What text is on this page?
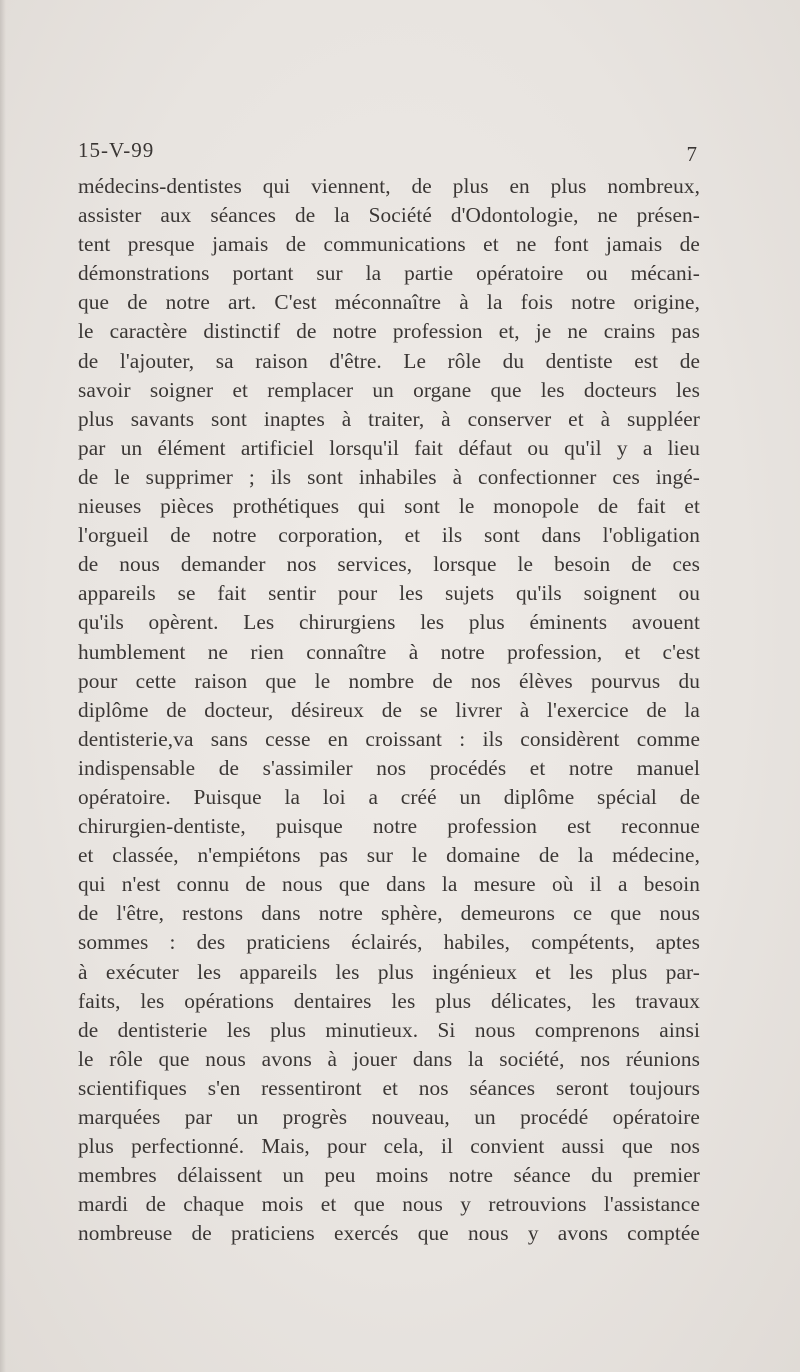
15-V-99	7
médecins-dentistes qui viennent, de plus en plus nombreux,
assister aux séances de la Société d'Odontologie, ne présen-
tent presque jamais de communications et ne font jamais de
démonstrations portant sur la partie opératoire ou mécani-
que de notre art. C'est méconnaître à la fois notre origine,
le caractère distinctif de notre profession et, je ne crains pas
de l'ajouter, sa raison d'être. Le rôle du dentiste est de
savoir soigner et remplacer un organe que les docteurs les
plus savants sont inaptes à traiter, à conserver et à suppléer
par un élément artificiel lorsqu'il fait défaut ou qu'il y a lieu
de le supprimer ; ils sont inhabiles à confectionner ces ingé-
nieuses pièces prothétiques qui sont le monopole de fait et
l'orgueil de notre corporation, et ils sont dans l'obligation
de nous demander nos services, lorsque le besoin de ces
appareils se fait sentir pour les sujets qu'ils soignent ou
qu'ils opèrent. Les chirurgiens les plus éminents avouent
humblement ne rien connaître à notre profession, et c'est
pour cette raison que le nombre de nos élèves pourvus du
diplôme de docteur, désireux de se livrer à l'exercice de la
dentisterie,va sans cesse en croissant : ils considèrent comme
indispensable de s'assimiler nos procédés et notre manuel
opératoire. Puisque la loi a créé un diplôme spécial de
chirurgien-dentiste, puisque notre profession est reconnue
et classée, n'empiétons pas sur le domaine de la médecine,
qui n'est connu de nous que dans la mesure où il a besoin
de l'être, restons dans notre sphère, demeurons ce que nous
sommes : des praticiens éclairés, habiles, compétents, aptes
à exécuter les appareils les plus ingénieux et les plus par-
faits, les opérations dentaires les plus délicates, les travaux
de dentisterie les plus minutieux. Si nous comprenons ainsi
le rôle que nous avons à jouer dans la société, nos réunions
scientifiques s'en ressentiront et nos séances seront toujours
marquées par un progrès nouveau, un procédé opératoire
plus perfectionné. Mais, pour cela, il convient aussi que nos
membres délaissent un peu moins notre séance du premier
mardi de chaque mois et que nous y retrouvions l'assistance
nombreuse de praticiens exercés que nous y avons comptée
